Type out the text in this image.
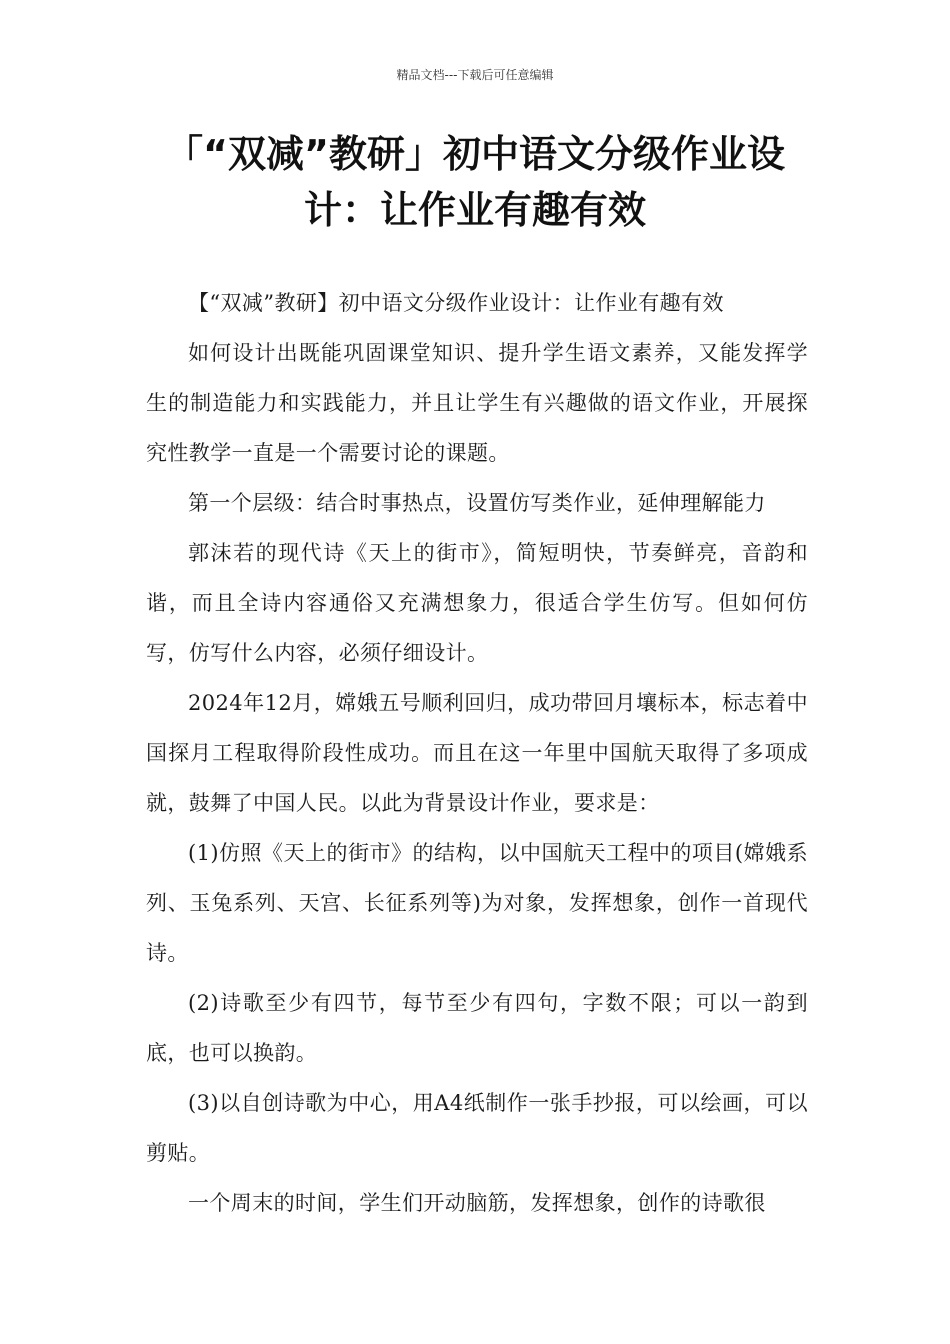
精品文档---下载后可任意编辑
「“双减”教研」初中语文分级作业设计：让作业有趣有效

【“双减”教研】初中语文分级作业设计：让作业有趣有效

如何设计出既能巩固课堂知识、提升学生语文素养，又能发挥学生的制造能力和实践能力，并且让学生有兴趣做的语文作业，开展探究性教学一直是一个需要讨论的课题。

第一个层级：结合时事热点，设置仿写类作业，延伸理解能力

郭沫若的现代诗《天上的街市》，简短明快，节奏鲜亮，音韵和谐，而且全诗内容通俗又充满想象力，很适合学生仿写。但如何仿写，仿写什么内容，必须仔细设计。

2024年12月，嫦娥五号顺利回归，成功带回月壤标本，标志着中国探月工程取得阶段性成功。而且在这一年里中国航天取得了多项成就，鼓舞了中国人民。以此为背景设计作业，要求是：

(1)仿照《天上的街市》的结构，以中国航天工程中的项目(嫦娥系列、玉兔系列、天宫、长征系列等)为对象，发挥想象，创作一首现代诗。

(2)诗歌至少有四节，每节至少有四句，字数不限；可以一韵到底，也可以换韵。

(3)以自创诗歌为中心，用A4纸制作一张手抄报，可以绘画，可以剪贴。

一个周末的时间，学生们开动脑筋，发挥想象，创作的诗歌很
